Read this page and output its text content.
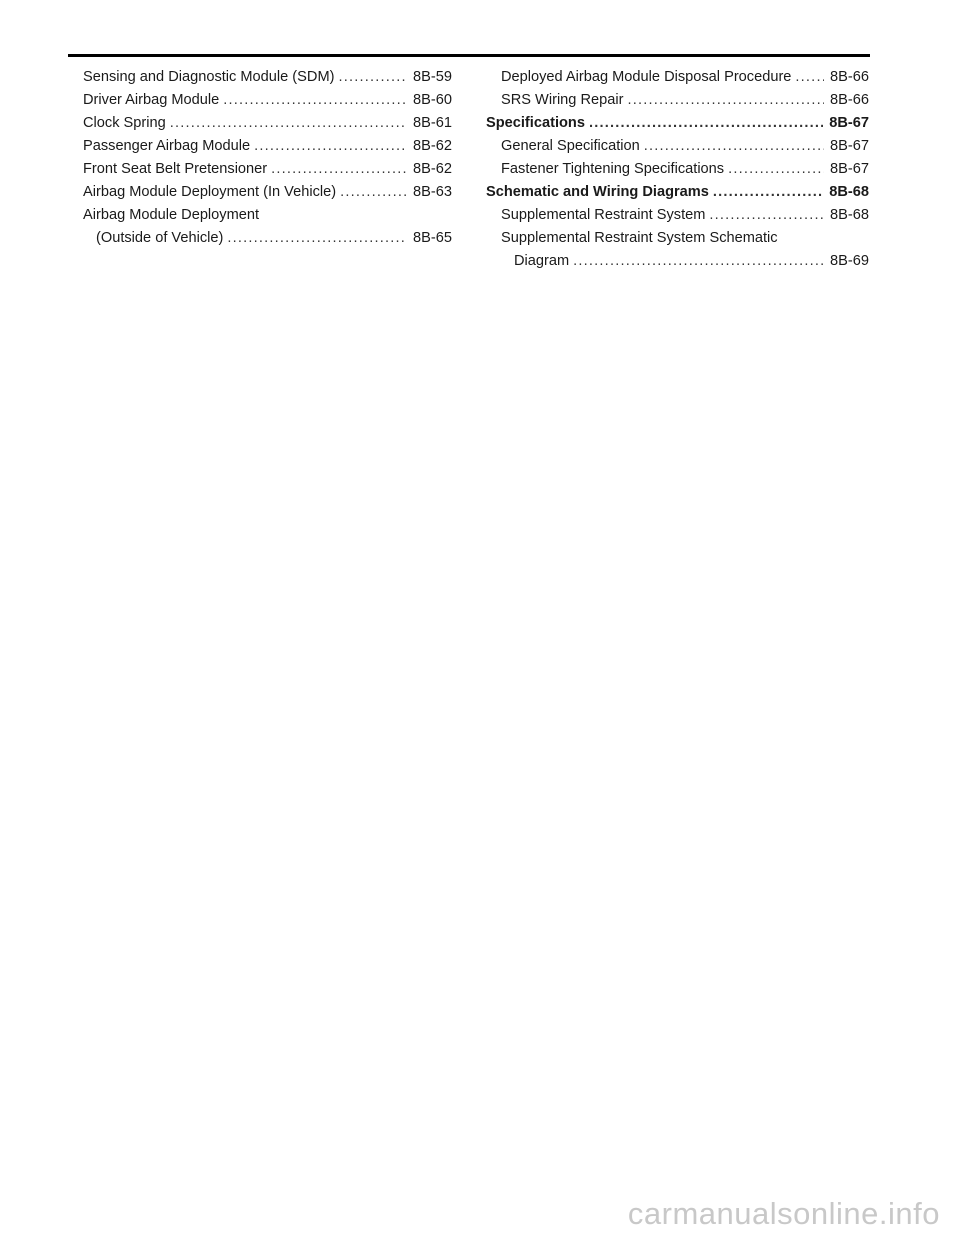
Sensing and Diagnostic Module (SDM) .....	8B-59
Driver Airbag Module .....	8B-60
Clock Spring .....	8B-61
Passenger Airbag Module .....	8B-62
Front Seat Belt Pretensioner .....	8B-62
Airbag Module Deployment (In Vehicle) .....	8B-63
Airbag Module Deployment
(Outside of Vehicle) .....	8B-65
Deployed Airbag Module Disposal Procedure .....	8B-66
SRS Wiring Repair .....	8B-66
Specifications .....	8B-67
General Specification .....	8B-67
Fastener Tightening Specifications .....	8B-67
Schematic and Wiring Diagrams .....	8B-68
Supplemental Restraint System .....	8B-68
Supplemental Restraint System Schematic
Diagram .....	8B-69
carmanualsonline.info
